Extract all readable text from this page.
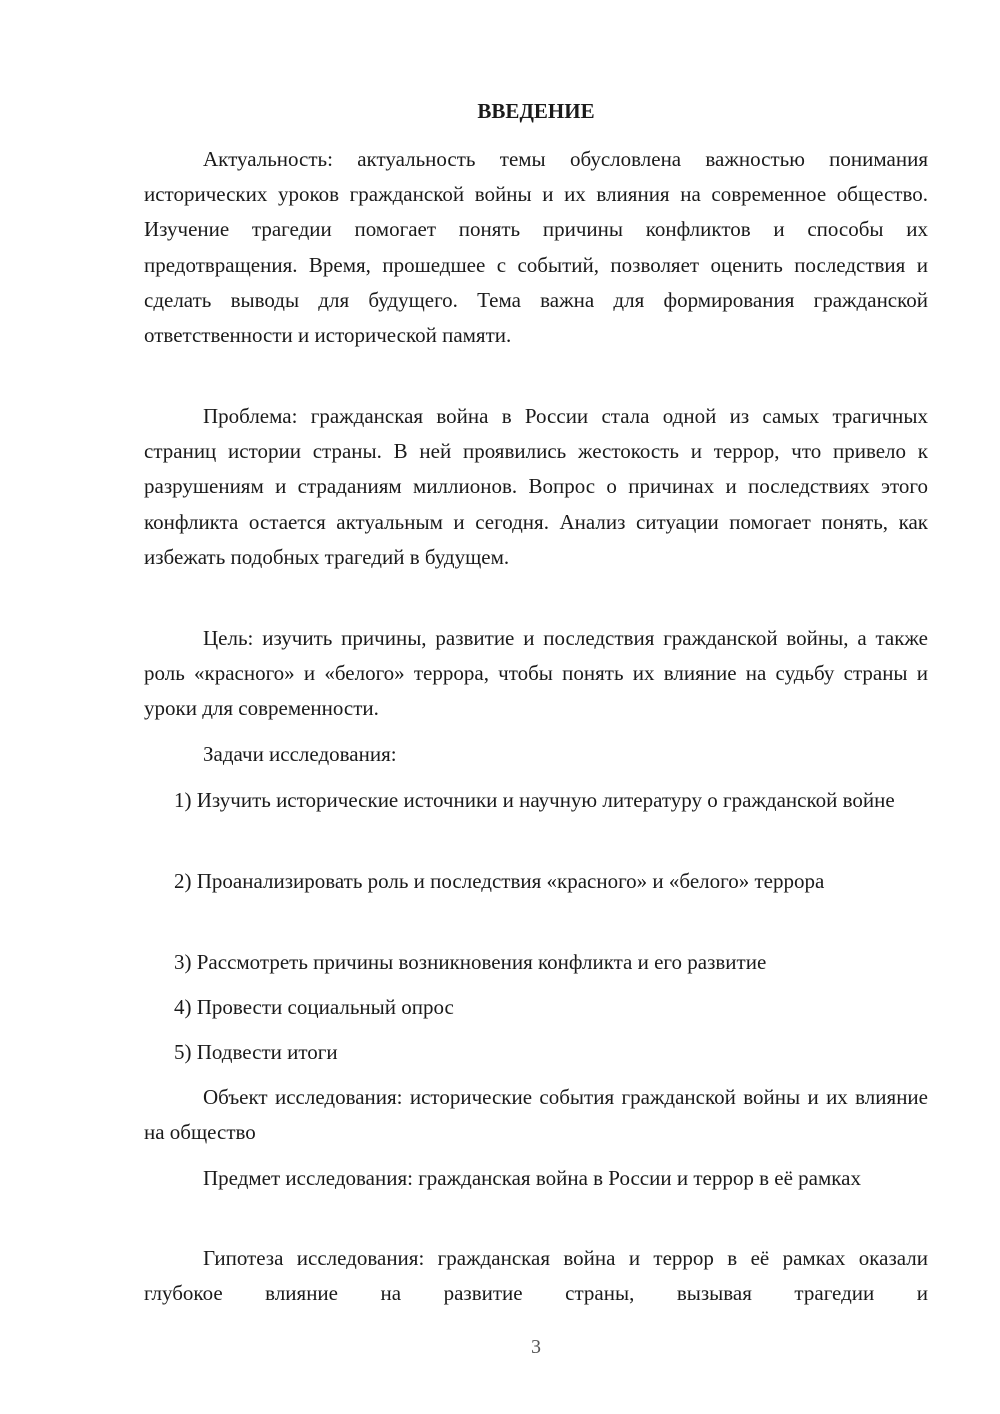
ВВЕДЕНИЕ

Актуальность: актуальность темы обусловлена важностью понимания исторических уроков гражданской войны и их влияния на современное общество. Изучение трагедии помогает понять причины конфликтов и способы их предотвращения. Время, прошедшее с событий, позволяет оценить последствия и сделать выводы для будущего. Тема важна для формирования гражданской ответственности и исторической памяти.

Проблема: гражданская война в России стала одной из самых трагичных страниц истории страны. В ней проявились жестокость и террор, что привело к разрушениям и страданиям миллионов. Вопрос о причинах и последствиях этого конфликта остается актуальным и сегодня. Анализ ситуации помогает понять, как избежать подобных трагедий в будущем.

Цель: изучить причины, развитие и последствия гражданской войны, а также роль «красного» и «белого» террора, чтобы понять их влияние на судьбу страны и уроки для современности.

Задачи исследования:

1) Изучить исторические источники и научную литературу о гражданской войне

2) Проанализировать роль и последствия «красного» и «белого» террора

3) Рассмотреть причины возникновения конфликта и его развитие

4) Провести социальный опрос

5) Подвести итоги

Объект исследования: исторические события гражданской войны и их влияние на общество

Предмет исследования: гражданская война в России и террор в её рамках

Гипотеза исследования: гражданская война и террор в её рамках оказали глубокое влияние на развитие страны, вызывая трагедии и

3
